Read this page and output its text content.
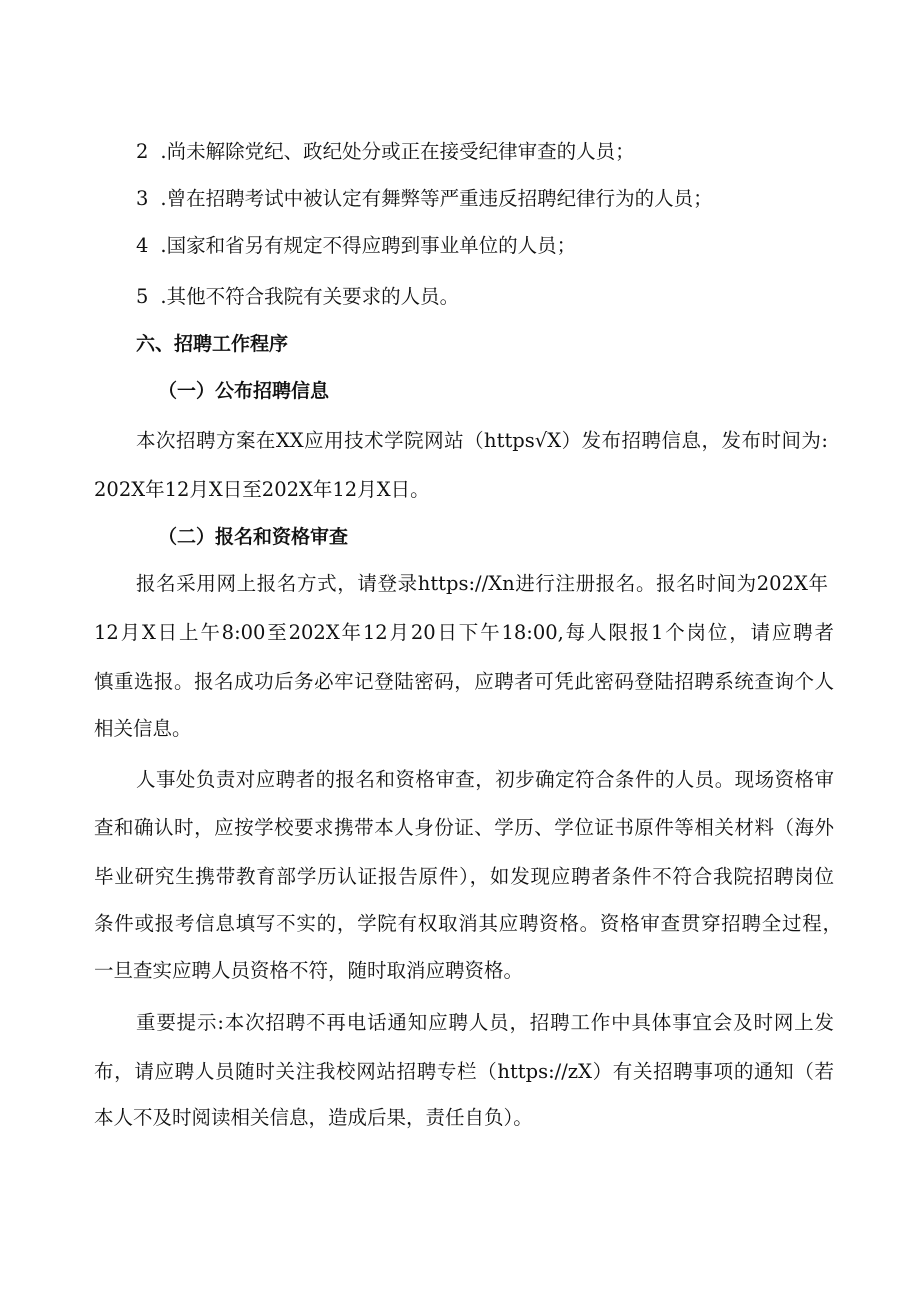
2 .尚未解除党纪、政纪处分或正在接受纪律审查的人员；
3 .曾在招聘考试中被认定有舞弊等严重违反招聘纪律行为的人员；
4 .国家和省另有规定不得应聘到事业单位的人员；
5 .其他不符合我院有关要求的人员。
六、招聘工作程序
（一）公布招聘信息
本次招聘方案在XX应用技术学院网站（https√X）发布招聘信息，发布时间为:
202X年12月X日至202X年12月X日。
（二）报名和资格审查
报名采用网上报名方式，请登录https://Xn进行注册报名。报名时间为202X年
12月X日上午8:00至202X年12月20日下午18:00,每人限报1个岗位，请应聘者
慎重选报。报名成功后务必牢记登陆密码，应聘者可凭此密码登陆招聘系统查询个人
相关信息。
人事处负责对应聘者的报名和资格审查，初步确定符合条件的人员。现场资格审
查和确认时，应按学校要求携带本人身份证、学历、学位证书原件等相关材料（海外
毕业研究生携带教育部学历认证报告原件），如发现应聘者条件不符合我院招聘岗位
条件或报考信息填写不实的，学院有权取消其应聘资格。资格审查贯穿招聘全过程，
一旦查实应聘人员资格不符，随时取消应聘资格。
重要提示:本次招聘不再电话通知应聘人员，招聘工作中具体事宜会及时网上发
布，请应聘人员随时关注我校网站招聘专栏（https://zX）有关招聘事项的通知（若
本人不及时阅读相关信息，造成后果，责任自负）。
